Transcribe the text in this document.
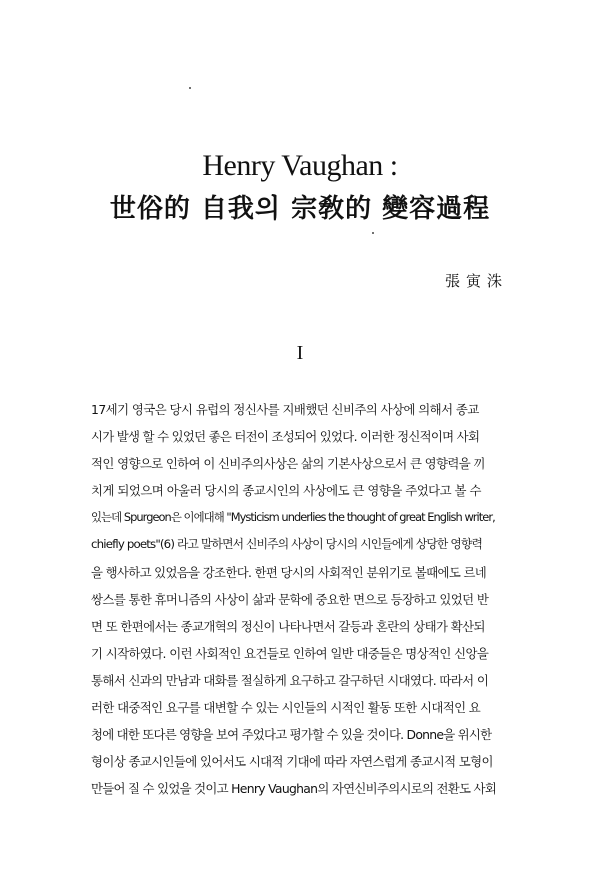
Henry Vaughan :
世俗的 自我의 宗敎的 變容過程
張寅洙
I
17세기 영국은 당시 유럽의 정신사를 지배했던 신비주의 사상에 의해서 종교
시가 발생 할 수 있었던 좋은 터전이 조성되어 있었다. 이러한 정신적이며 사회
적인 영향으로 인하여 이 신비주의사상은 삶의 기본사상으로서 큰 영향력을 끼
치게 되었으며 아울러 당시의 종교시인의 사상에도 큰 영향을 주었다고 볼 수
있는데 Spurgeon은 이에대해 "Mysticism underlies the thought of great English writer,
chiefly poets"(6) 라고 말하면서 신비주의 사상이 당시의 시인들에게 상당한 영향력
을 행사하고 있었음을 강조한다. 한편 당시의 사회적인 분위기로 볼때에도 르네
쌍스를 통한 휴머니즘의 사상이 삶과 문학에 중요한 면으로 등장하고 있었던 반
면 또 한편에서는 종교개혁의 정신이 나타나면서 갈등과 혼란의 상태가 확산되
기 시작하였다. 이런 사회적인 요건들로 인하여 일반 대중들은 명상적인 신앙을
통해서 신과의 만남과 대화를 절실하게 요구하고 갈구하던 시대였다. 따라서 이
러한 대중적인 요구를 대변할 수 있는 시인들의 시적인 활동 또한 시대적인 요
청에 대한 또다른 영향을 보여 주었다고 평가할 수 있을 것이다. Donne을 위시한
형이상 종교시인들에 있어서도 시대적 기대에 따라 자연스럽게 종교시적 모형이
만들어 질 수 있었을 것이고 Henry Vaughan의 자연신비주의시로의 전환도 사회
